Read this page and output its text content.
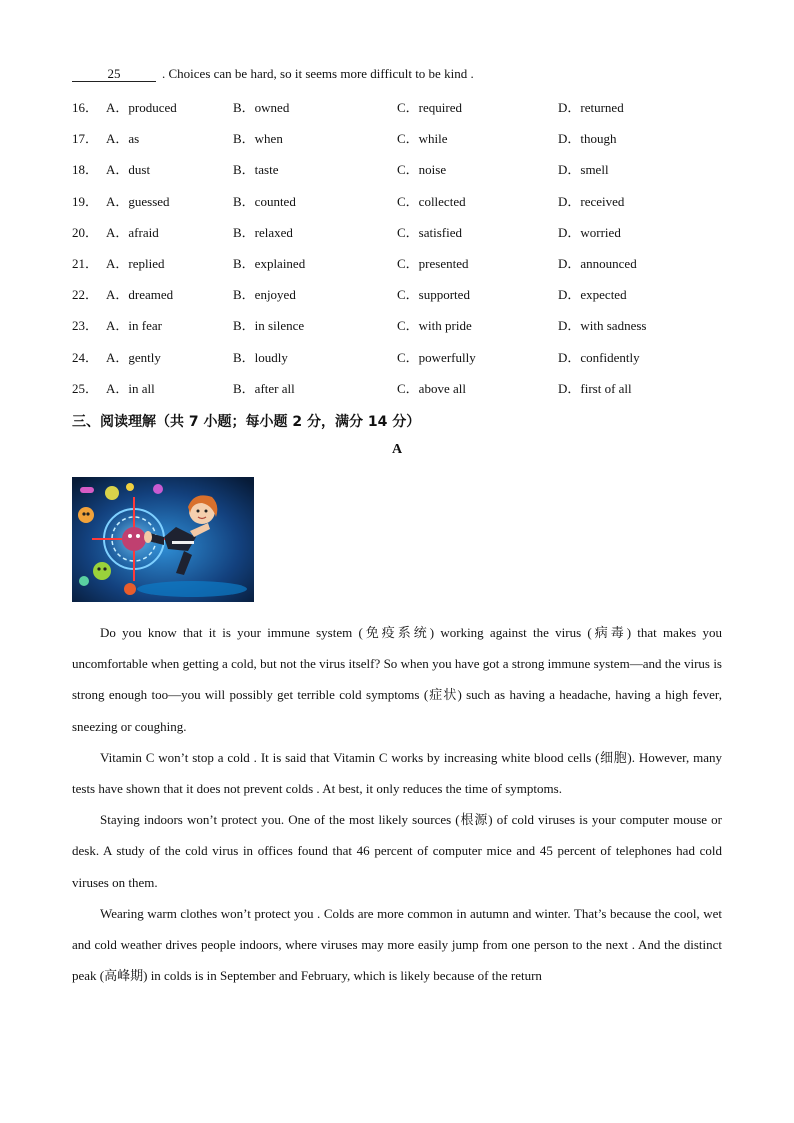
25	. Choices can be hard, so it seems more difficult to be kind .
16． A．produced	B．owned	C．required	D．returned
17． A．as	B．when	C．while	D．though
18． A．dust	B．taste	C．noise	D．smell
19． A．guessed	B．counted	C．collected	D．received
20． A．afraid	B．relaxed	C．satisfied	D．worried
21． A．replied	B．explained	C．presented	D．announced
22． A．dreamed	B．enjoyed	C．supported	D．expected
23． A．in fear	B．in silence	C．with pride	D．with sadness
24． A．gently	B．loudly	C．powerfully	D．confidently
25． A．in all	B．after all	C．above all	D．first of all
三、阅读理解（共 7 小题；每小题 2 分，满分 14 分）
A

Do you know that it is your immune system (免疫系统) working against the virus (病毒) that makes you uncomfortable when getting a cold, but not the virus itself? So when you have got a strong immune system—and the virus is strong enough too—you will possibly get terrible cold symptoms (症状) such as having a headache, having a high fever, sneezing or coughing.

Vitamin C won’t stop a cold . It is said that Vitamin C works by increasing white blood cells (细胞). However, many tests have shown that it does not prevent colds . At best, it only reduces the time of symptoms.

Staying indoors won’t protect you. One of the most likely sources (根源) of cold viruses is your computer mouse or desk. A study of the cold virus in offices found that 46 percent of computer mice and 45 percent of telephones had cold viruses on them.

Wearing warm clothes won’t protect you . Colds are more common in autumn and winter. That’s because the cool, wet and cold weather drives people indoors, where viruses may more easily jump from one person to the next . And the distinct peak (高峰期) in colds is in September and February, which is likely because of the return
